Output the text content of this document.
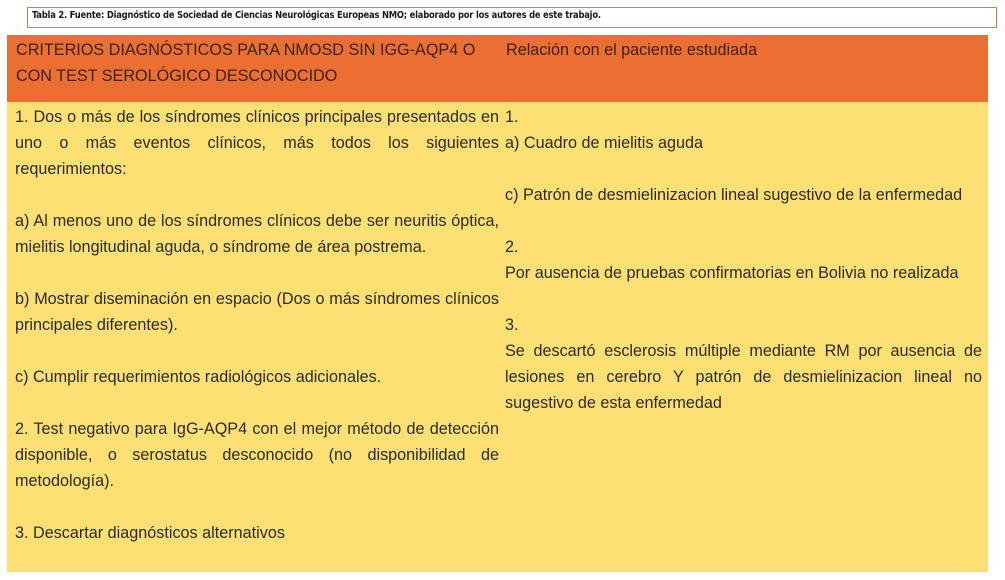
Tabla 2. Fuente: Diagnóstico de Sociedad de Ciencias Neurológicas Europeas NMO; elaborado por los autores de este trabajo.
CRITERIOS DIAGNÓSTICOS PARA NMOSD SIN IGG-AQP4 O CON TEST SEROLÓGICO DESCONOCIDO
Relación con el paciente estudiada

1. Dos o más de los síndromes clínicos principales presentados en uno o más eventos clínicos, más todos los siguientes requerimientos:

a) Al menos uno de los síndromes clínicos debe ser neuritis óptica, mielitis longitudinal aguda, o síndrome de área postrema.

b) Mostrar diseminación en espacio (Dos o más síndromes clínicos principales diferentes).

c) Cumplir requerimientos radiológicos adicionales.

2. Test negativo para IgG-AQP4 con el mejor método de detección disponible, o serostatus desconocido (no disponibilidad de metodología).

3. Descartar diagnósticos alternativos

1.

a) Cuadro de mielitis aguda

c) Patrón de desmielinizacion lineal sugestivo de la enfermedad

2.

Por ausencia de pruebas confirmatorias en Bolivia no realizada

3.

Se descartó esclerosis múltiple mediante RM por ausencia de lesiones en cerebro Y patrón de desmielinizacion lineal no sugestivo de esta enfermedad
